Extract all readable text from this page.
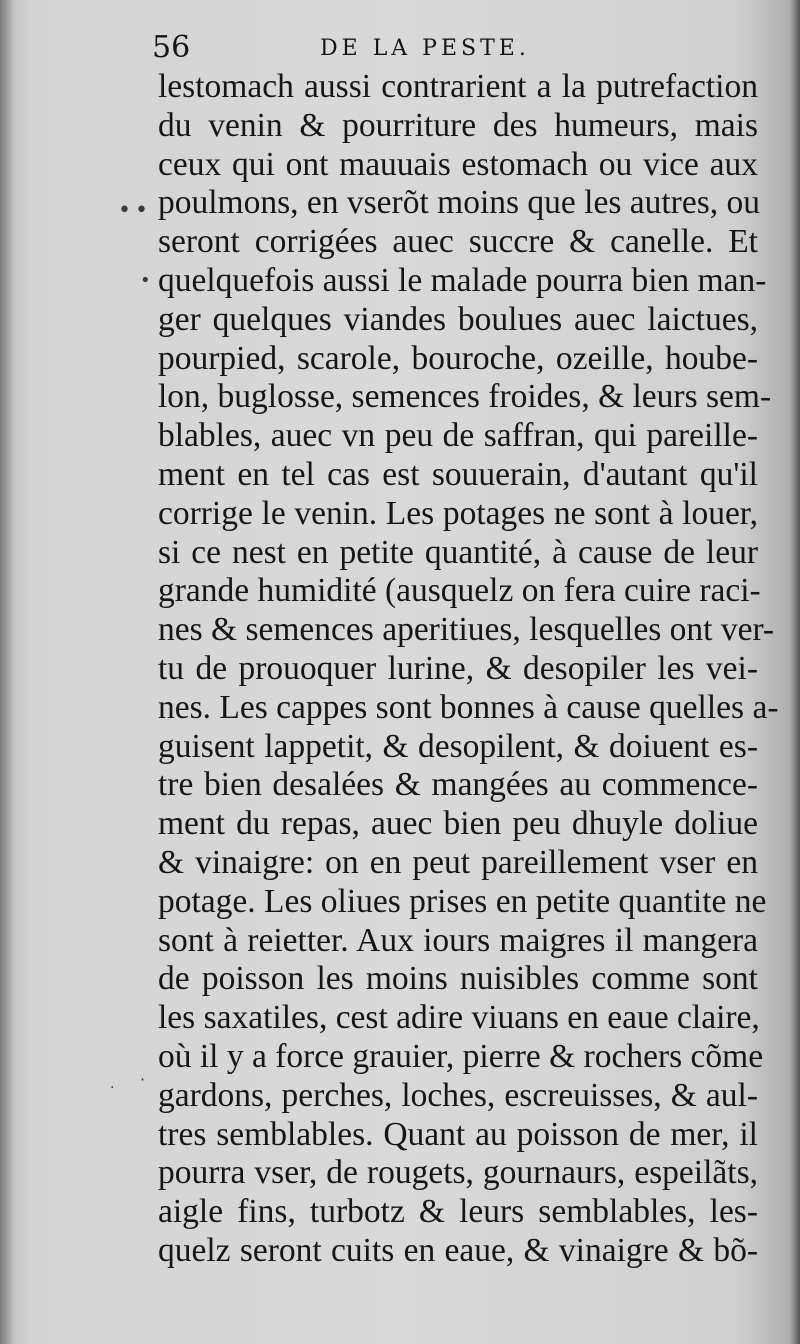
56	DE LA PESTE.
••
•
·
·
lestomach aussi contrarient a la putrefaction
du venin & pourriture des humeurs, mais
ceux qui ont mauuais estomach ou vice aux
poulmons, en vserõt moins que les autres, ou
seront corrigées auec succre & canelle. Et
quelquefois aussi le malade pourra bien man-
ger quelques viandes boulues auec laictues,
pourpied, scarole, bouroche, ozeille, hoube-
lon, buglosse, semences froides, & leurs sem-
blables, auec vn peu de saffran, qui pareille-
ment en tel cas est souuerain, d'autant qu'il
corrige le venin. Les potages ne sont à louer,
si ce nest en petite quantité, à cause de leur
grande humidité (ausquelz on fera cuire raci-
nes & semences aperitiues, lesquelles ont ver-
tu de prouoquer lurine, & desopiler les vei-
nes. Les cappes sont bonnes à cause quelles a-
guisent lappetit, & desopilent, & doiuent es-
tre bien desalées & mangées au commence-
ment du repas, auec bien peu dhuyle doliue
& vinaigre: on en peut pareillement vser en
potage. Les oliues prises en petite quantite ne
sont à reietter. Aux iours maigres il mangera
de poisson les moins nuisibles comme sont
les saxatiles, cest adire viuans en eaue claire,
où il y a force grauier, pierre & rochers cõme
gardons, perches, loches, escreuisses, & aul-
tres semblables. Quant au poisson de mer, il
pourra vser, de rougets, gournaurs, espeilãts,
aigle fins, turbotz & leurs semblables, les-
quelz seront cuits en eaue, & vinaigre & bõ-
